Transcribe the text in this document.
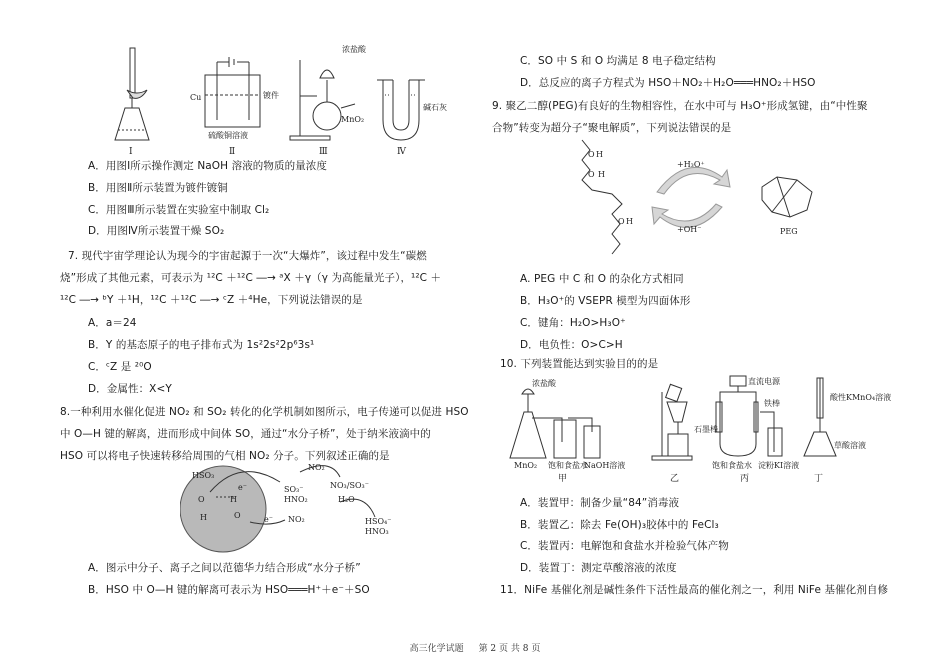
Ⅰ
Cu	镀件
硫酸铜溶液
Ⅱ
浓盐酸
MnO₂
Ⅲ
碱石灰
Ⅳ
A．用图Ⅰ所示操作测定 NaOH 溶液的物质的量浓度
B．用图Ⅱ所示装置为镀件镀铜
C．用图Ⅲ所示装置在实验室中制取 Cl₂
D．用图Ⅳ所示装置干燥 SO₂
7. 现代宇宙学理论认为现今的宇宙起源于一次“大爆炸”，该过程中发生“碳燃
烧”形成了其他元素，可表示为 ¹²C ＋¹²C ―→ ᵃX ＋γ（γ 为高能量光子），¹²C ＋
¹²C ―→ ᵇY ＋¹H，¹²C ＋¹²C ―→ ᶜZ ＋⁴He，下列说法错误的是
A．a＝24
B．Y 的基态原子的电子排布式为 1s²2s²2p⁶3s¹
C．ᶜZ 是 ²⁰O
D．金属性：X<Y
8.一种利用水催化促进 NO₂ 和 SO₂ 转化的化学机制如图所示，电子传递可以促进 HSO
中 O—H 键的解离，进而形成中间体 SO，通过“水分子桥”，处于纳米液滴中的
HSO 可以将电子快速转移给周围的气相 NO₂ 分子。下列叙述正确的是
HSO₃
O
H
H
O
e⁻
e⁻
SO₃⁻
HNO₂
NO₂
NO₂
NO₃/SO₃⁻
H₂O
HSO₄⁻
HNO₃
A．图示中分子、离子之间以范德华力结合形成“水分子桥”
B．HSO 中 O—H 键的解离可表示为 HSO═══H⁺＋e⁻＋SO
C．SO 中 S 和 O 均满足 8 电子稳定结构
D．总反应的离子方程式为 HSO＋NO₂＋H₂O═══HNO₂＋HSO
9. 聚乙二醇(PEG)有良好的生物相容性，在水中可与 H₃O⁺形成氢键，由“中性聚
合物”转变为超分子“聚电解质”，下列说法错误的是
O H
O H
O H
+H₃O⁺
+OH⁻	PEG
A. PEG 中 C 和 O 的杂化方式相同
B．H₃O⁺的 VSEPR 模型为四面体形
C．键角：H₂O>H₃O⁺
D．电负性：O>C>H
10. 下列装置能达到实验目的的是
浓盐酸
MnO₂ 饱和食盐水
NaOH溶液
甲	乙
直流电源
铁棒
石墨棒
饱和食盐水 淀粉KI溶液
丙
酸性KMnO₄溶液
草酸溶液
丁
A．装置甲：制备少量“84”消毒液
B．装置乙：除去 Fe(OH)₃胶体中的 FeCl₃
C．装置丙：电解饱和食盐水并检验气体产物
D．装置丁：测定草酸溶液的浓度
11．NiFe 基催化剂是碱性条件下活性最高的催化剂之一，利用 NiFe 基催化剂自修
高三化学试题 第 2 页 共 8 页
